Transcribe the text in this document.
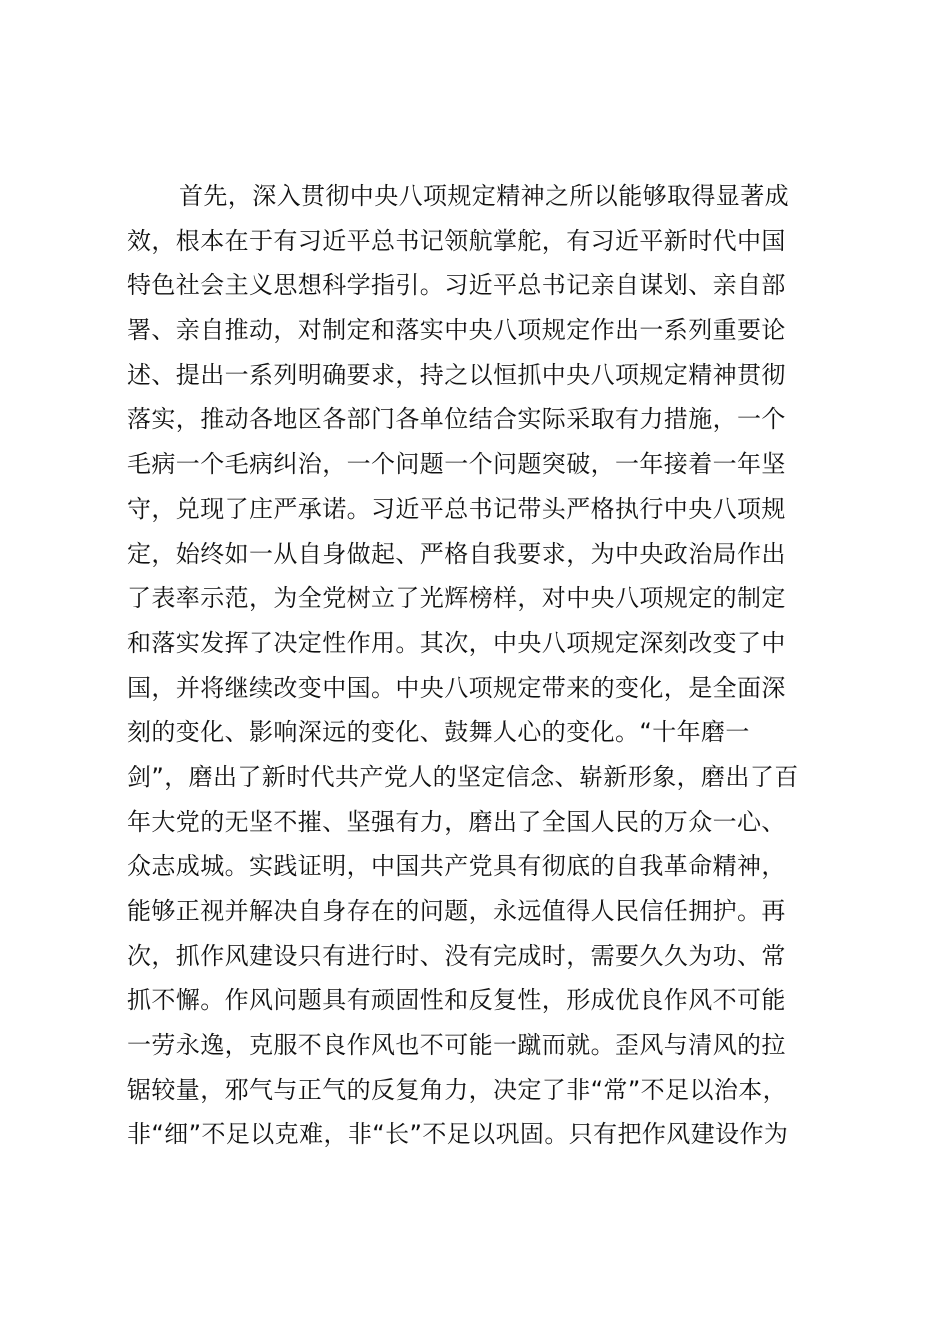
首先，深入贯彻中央八项规定精神之所以能够取得显著成
效，根本在于有习近平总书记领航掌舵，有习近平新时代中国
特色社会主义思想科学指引。习近平总书记亲自谋划、亲自部
署、亲自推动，对制定和落实中央八项规定作出一系列重要论
述、提出一系列明确要求，持之以恒抓中央八项规定精神贯彻
落实，推动各地区各部门各单位结合实际采取有力措施，一个
毛病一个毛病纠治，一个问题一个问题突破，一年接着一年坚
守，兑现了庄严承诺。习近平总书记带头严格执行中央八项规
定，始终如一从自身做起、严格自我要求，为中央政治局作出
了表率示范，为全党树立了光辉榜样，对中央八项规定的制定
和落实发挥了决定性作用。其次，中央八项规定深刻改变了中
国，并将继续改变中国。中央八项规定带来的变化，是全面深
刻的变化、影响深远的变化、鼓舞人心的变化。“十年磨一
剑”，磨出了新时代共产党人的坚定信念、崭新形象，磨出了百
年大党的无坚不摧、坚强有力，磨出了全国人民的万众一心、
众志成城。实践证明，中国共产党具有彻底的自我革命精神，
能够正视并解决自身存在的问题，永远值得人民信任拥护。再
次，抓作风建设只有进行时、没有完成时，需要久久为功、常
抓不懈。作风问题具有顽固性和反复性，形成优良作风不可能
一劳永逸，克服不良作风也不可能一蹴而就。歪风与清风的拉
锯较量，邪气与正气的反复角力，决定了非“常”不足以治本，
非“细”不足以克难，非“长”不足以巩固。只有把作风建设作为
